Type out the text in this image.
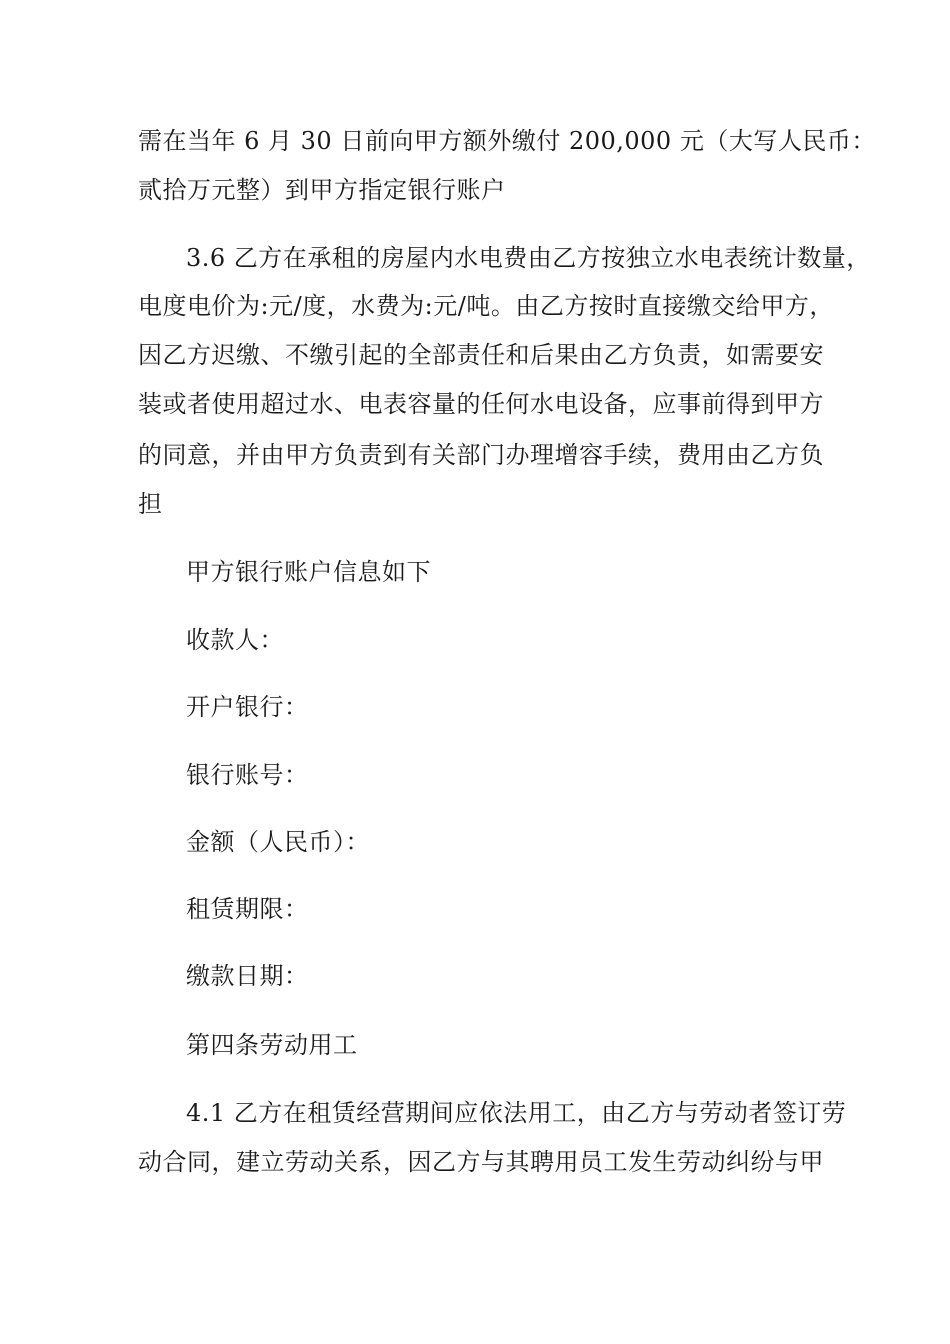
需在当年 6 月 30 日前向甲方额外缴付 200,000 元（大写人民币：
贰拾万元整）到甲方指定银行账户
3.6 乙方在承租的房屋内水电费由乙方按独立水电表统计数量，
电度电价为:元/度，水费为:元/吨。由乙方按时直接缴交给甲方，
因乙方迟缴、不缴引起的全部责任和后果由乙方负责，如需要安
装或者使用超过水、电表容量的任何水电设备，应事前得到甲方
的同意，并由甲方负责到有关部门办理增容手续，费用由乙方负
担
甲方银行账户信息如下
收款人：
开户银行：
银行账号：
金额（人民币）：
租赁期限：
缴款日期：
第四条劳动用工
4.1 乙方在租赁经营期间应依法用工，由乙方与劳动者签订劳
动合同，建立劳动关系，因乙方与其聘用员工发生劳动纠纷与甲
